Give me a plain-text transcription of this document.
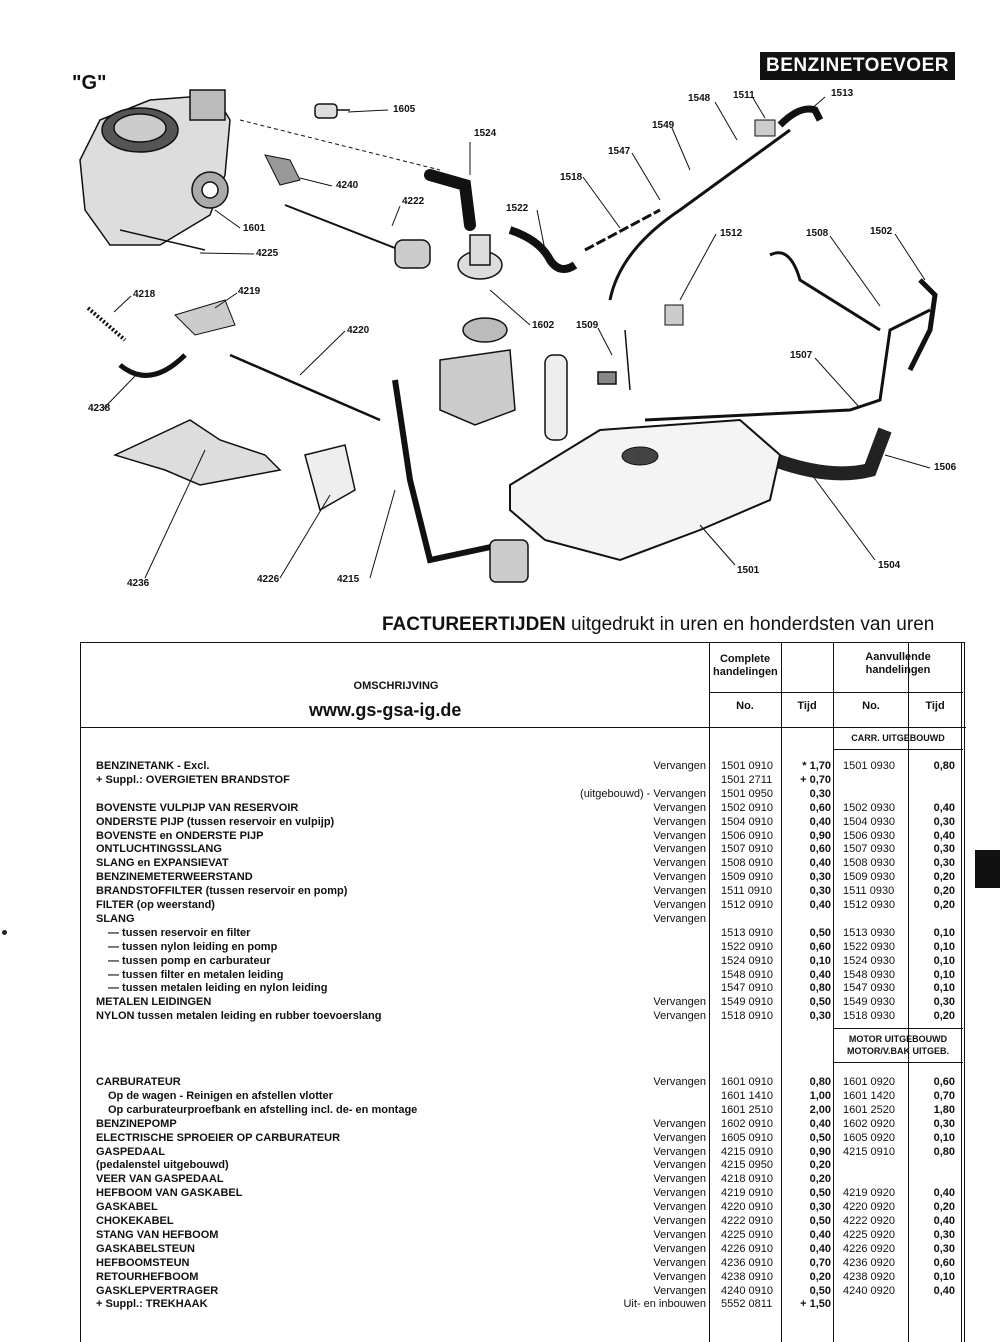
BENZINETOEVOER
"G"
1605
1524
4240
4222
1601
4225
1548 1511	1513
1549
1547
1518
1522
1512	1508	1502
1602 1509
4218	4219
4220
4238
1507
1506
4236	4226	4215
1501	1504
FACTUREERTIJDEN uitgedrukt in uren en honderdsten van uren
OMSCHRIJVING
www.gs-gsa-ig.de
Complete
handelingen
Aanvullende
handelingen
No.	Tijd	No.	Tijd
CARR. UITGEBOUWD
MOTOR UITGEBOUWD
MOTOR/V.BAK UITGEB.
BENZINETANK - Excl.	Vervangen 1501 0910	* 1,70 1501 0930	0,80
+ Suppl.: OVERGIETEN BRANDSTOF	1501 2711	+ 0,70
(uitgebouwd) - Vervangen 1501 0950	0,30
BOVENSTE VULPIJP VAN RESERVOIR	Vervangen 1502 0910	0,60 1502 0930	0,40
ONDERSTE PIJP (tussen reservoir en vulpijp)	Vervangen 1504 0910	0,40 1504 0930	0,30
BOVENSTE en ONDERSTE PIJP	Vervangen 1506 0910	0,90 1506 0930	0,40
ONTLUCHTINGSSLANG	Vervangen 1507 0910	0,60 1507 0930	0,30
SLANG en EXPANSIEVAT	Vervangen 1508 0910	0,40 1508 0930	0,30
BENZINEMETERWEERSTAND	Vervangen 1509 0910	0,30 1509 0930	0,20
BRANDSTOFFILTER (tussen reservoir en pomp)	Vervangen 1511 0910	0,30 1511 0930	0,20
FILTER (op weerstand)	Vervangen 1512 0910	0,40 1512 0930	0,20
SLANG	Vervangen
— tussen reservoir en filter	1513 0910	0,50 1513 0930	0,10
— tussen nylon leiding en pomp	1522 0910	0,60 1522 0930	0,10
— tussen pomp en carburateur	1524 0910	0,10 1524 0930	0,10
— tussen filter en metalen leiding	1548 0910	0,40 1548 0930	0,10
— tussen metalen leiding en nylon leiding	1547 0910	0,80 1547 0930	0,10
METALEN LEIDINGEN	Vervangen 1549 0910	0,50 1549 0930	0,30
NYLON tussen metalen leiding en rubber toevoerslang	Vervangen 1518 0910	0,30 1518 0930	0,20
CARBURATEUR	Vervangen 1601 0910	0,80 1601 0920	0,60
Op de wagen - Reinigen en afstellen vlotter	1601 1410	1,00 1601 1420	0,70
Op carburateurproefbank en afstelling incl. de- en montage	1601 2510	2,00 1601 2520	1,80
BENZINEPOMP	Vervangen 1602 0910	0,40 1602 0920	0,30
ELECTRISCHE SPROEIER OP CARBURATEUR	Vervangen 1605 0910	0,50 1605 0920	0,10
GASPEDAAL	Vervangen 4215 0910	0,90 4215 0910	0,80
(pedalenstel uitgebouwd)	Vervangen 4215 0950	0,20
VEER VAN GASPEDAAL	Vervangen 4218 0910	0,20
HEFBOOM VAN GASKABEL	Vervangen 4219 0910	0,50 4219 0920	0,40
GASKABEL	Vervangen 4220 0910	0,30 4220 0920	0,20
CHOKEKABEL	Vervangen 4222 0910	0,50 4222 0920	0,40
STANG VAN HEFBOOM	Vervangen 4225 0910	0,40 4225 0920	0,30
GASKABELSTEUN	Vervangen 4226 0910	0,40 4226 0920	0,30
HEFBOOMSTEUN	Vervangen 4236 0910	0,70 4236 0920	0,60
RETOURHEFBOOM	Vervangen 4238 0910	0,20 4238 0920	0,10
GASKLEPVERTRAGER	Vervangen 4240 0910	0,50 4240 0920	0,40
+ Suppl.: TREKHAAK	Uit- en inbouwen 5552 0811	+ 1,50
